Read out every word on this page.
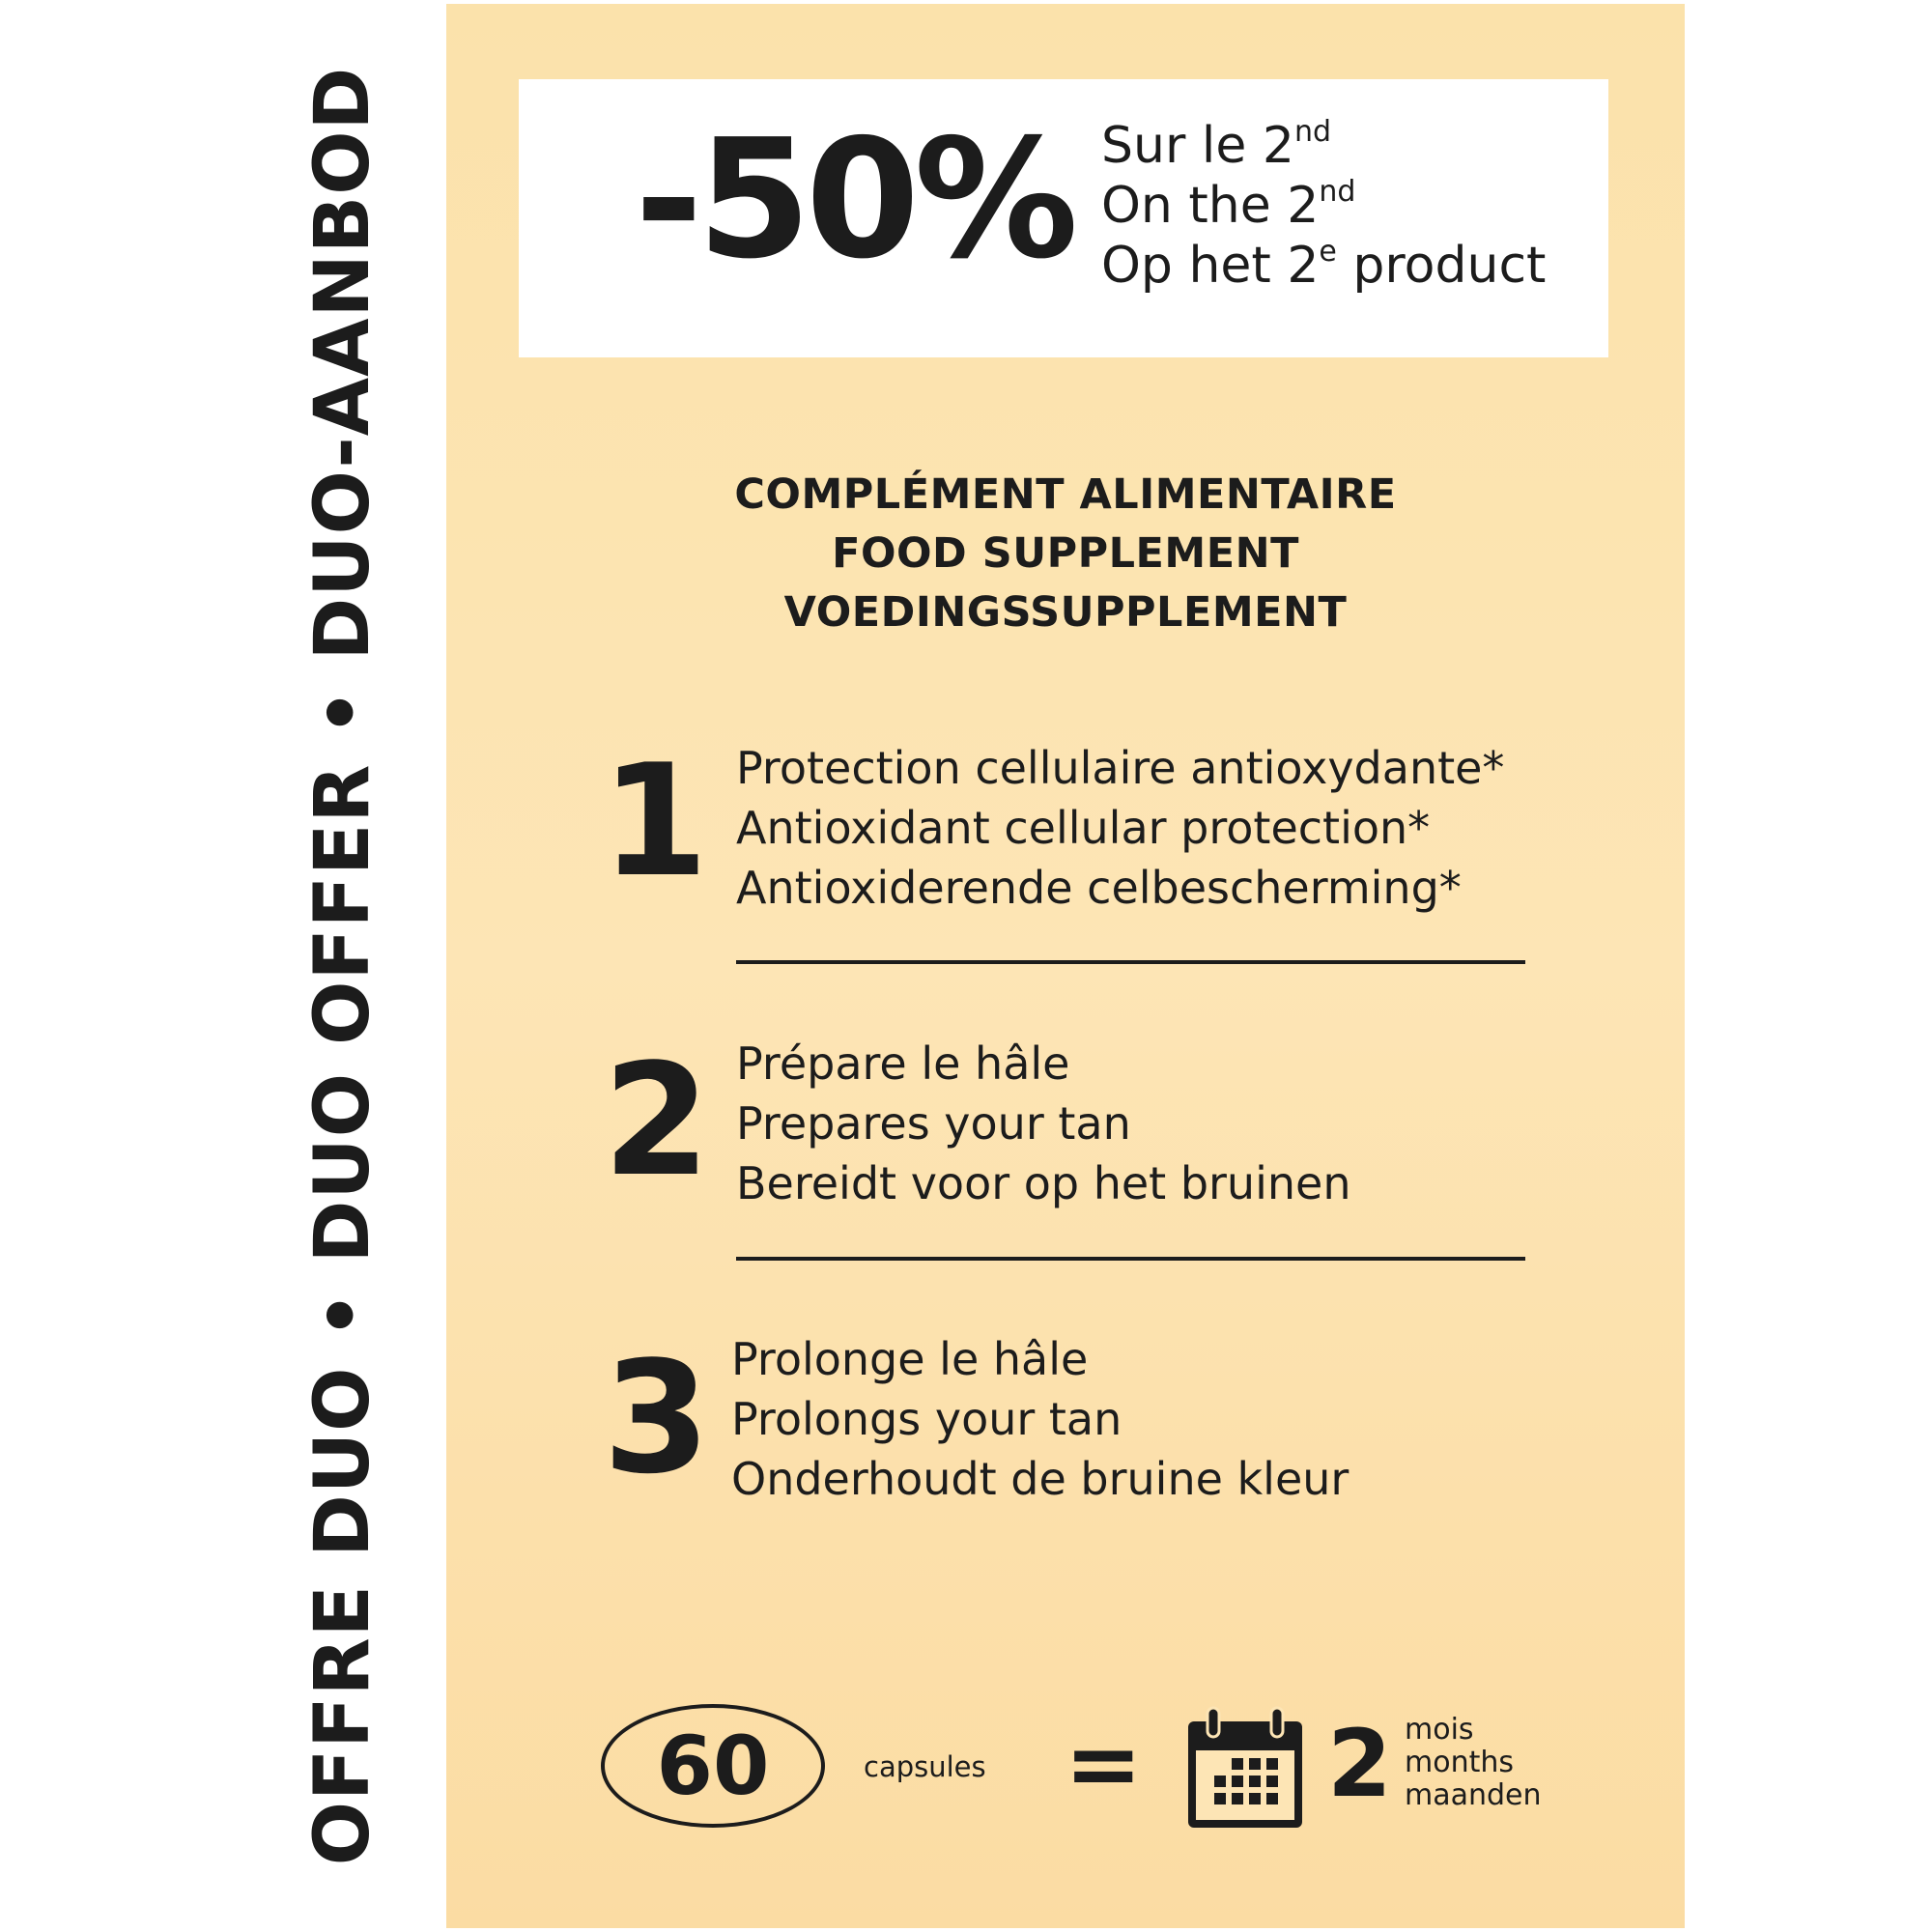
OFFRE DUO • DUO OFFER • DUO-AANBOD -50% Sur le 2nd
On the 2nd
Op het 2e product
COMPLÉMENT ALIMENTAIRE
FOOD SUPPLEMENT
VOEDINGSSUPPLEMENT
1 Protection cellulaire antioxydante*
Antioxidant cellular protection*
Antioxiderende celbescherming*
2 Prépare le hâle
Prepares your tan
Bereidt voor op het bruinen
3 Prolonge le hâle
Prolongs your tan
Onderhoudt de bruine kleur
60	capsules = 2 mois
months
maanden
